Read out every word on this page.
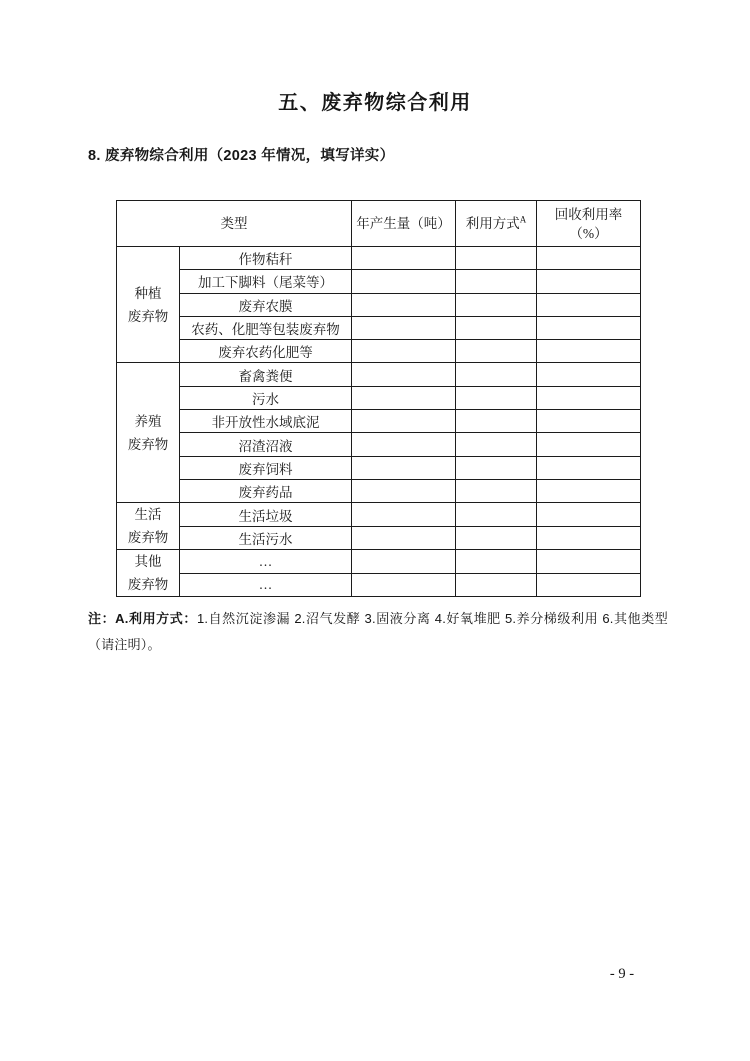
五、废弃物综合利用
8. 废弃物综合利用（2023 年情况，填写详实）
类型		年产生量（吨）	利用方式$^A$	回收利用率
（%）

种植
废弃物	作物秸秆			
	加工下脚料（尾菜等）			
	废弃农膜			
	农药、化肥等包装废弃物			
	废弃农药化肥等			

养殖
废弃物	畜禽粪便			
	污水			
	非开放性水域底泥			
	沼渣沼液			
	废弃饲料			
	废弃药品			

生活
废弃物	生活垃圾			
	生活污水			

其他
废弃物	…			
	…			

注：A.利用方式：1.自然沉淀渗漏 2.沼气发酵 3.固液分离 4.好氧堆肥 5.养分梯级利用 6.其他类型（请注明）。

- 9 -
